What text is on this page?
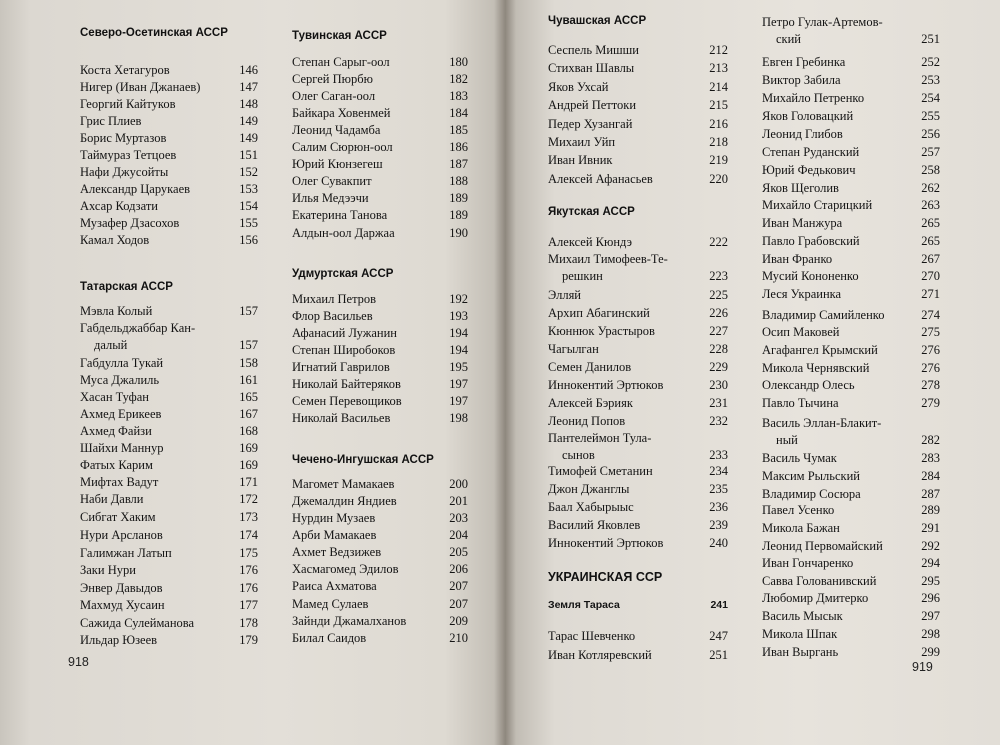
Северо-Осетинская АССР
Коста Хетагуров	146
Нигер (Иван Джанаев)	147
Георгий Кайтуков	148
Грис Плиев	149
Борис Муртазов	149
Таймураз Тетцоев	151
Нафи Джусойты	152
Александр Царукаев	153
Ахсар Кодзати	154
Музафер Дзасохов	155
Камал Ходов	156
Татарская АССР
Мэвла Колый	157
Габдельджаббар Кан-
далый	157
Габдулла Тукай	158
Муса Джалиль	161
Хасан Туфан	165
Ахмед Ерикеев	167
Ахмед Файзи	168
Шайхи Маннур	169
Фатых Карим	169
Мифтах Вадут	171
Наби Давли	172
Сибгат Хаким	173
Нури Арсланов	174
Галимжан Латып	175
Заки Нури	176
Энвер Давыдов	176
Махмуд Хусаин	177
Сажида Сулейманова	178
Ильдар Юзеев	179
Тувинская АССР
Степан Сарыг-оол	180
Сергей Пюрбю	182
Олег Саган-оол	183
Байкара Ховенмей	184
Леонид Чадамба	185
Салим Сюрюн-оол	186
Юрий Кюнзегеш	187
Олег Сувакпит	188
Илья Медээчи	189
Екатерина Танова	189
Алдын-оол Даржаа	190
Удмуртская АССР
Михаил Петров	192
Флор Васильев	193
Афанасий Лужанин	194
Степан Широбоков	194
Игнатий Гаврилов	195
Николай Байтеряков	197
Семен Перевощиков	197
Николай Васильев	198
Чечено-Ингушская АССР
Магомет Мамакаев	200
Джемалдин Яндиев	201
Нурдин Музаев	203
Арби Мамакаев	204
Ахмет Ведзижев	205
Хасмагомед Эдилов	206
Раиса Ахматова	207
Мамед Сулаев	207
Зайнди Джамалханов	209
Билал Саидов	210
918
Чувашская АССР
Сеспель Мишши	212
Стихван Шавлы	213
Яков Ухсай	214
Андрей Петтоки	215
Педер Хузангай	216
Михаил Уйп	218
Иван Ивник	219
Алексей Афанасьев	220
Якутская АССР
Алексей Кюндэ	222
Михаил Тимофеев-Те-
решкин	223
Элляй	225
Архип Абагинский	226
Кюннюк Урастыров	227
Чагылган	228
Семен Данилов	229
Иннокентий Эртюков	230
Алексей Бэрияк	231
Леонид Попов	232
Пантелеймон Тула-
сынов	233
Тимофей Сметанин	234
Джон Джанглы	235
Баал Хабырыыс	236
Василий Яковлев	239
Иннокентий Эртюков	240
УКРАИНСКАЯ ССР
Земля Тараса	241
Тарас Шевченко	247
Иван Котляревский	251
Петро Гулак-Артемов-
ский	251
Евген Гребинка	252
Виктор Забила	253
Михайло Петренко	254
Яков Головацкий	255
Леонид Глибов	256
Степан Руданский	257
Юрий Федькович	258
Яков Щеголив	262
Михайло Старицкий	263
Иван Манжура	265
Павло Грабовский	265
Иван Франко	267
Мусий Кононенко	270
Леся Украинка	271
Владимир Самийленко	274
Осип Маковей	275
Агафангел Крымский	276
Микола Чернявский	276
Олександр Олесь	278
Павло Тычина	279
Василь Эллан-Блакит-
ный	282
Василь Чумак	283
Максим Рыльский	284
Владимир Сосюра	287
Павел Усенко	289
Микола Бажан	291
Леонид Первомайский	292
Иван Гончаренко	294
Савва Голованивский	295
Любомир Дмитерко	296
Василь Мысык	297
Микола Шпак	298
Иван Выргань	299
919
